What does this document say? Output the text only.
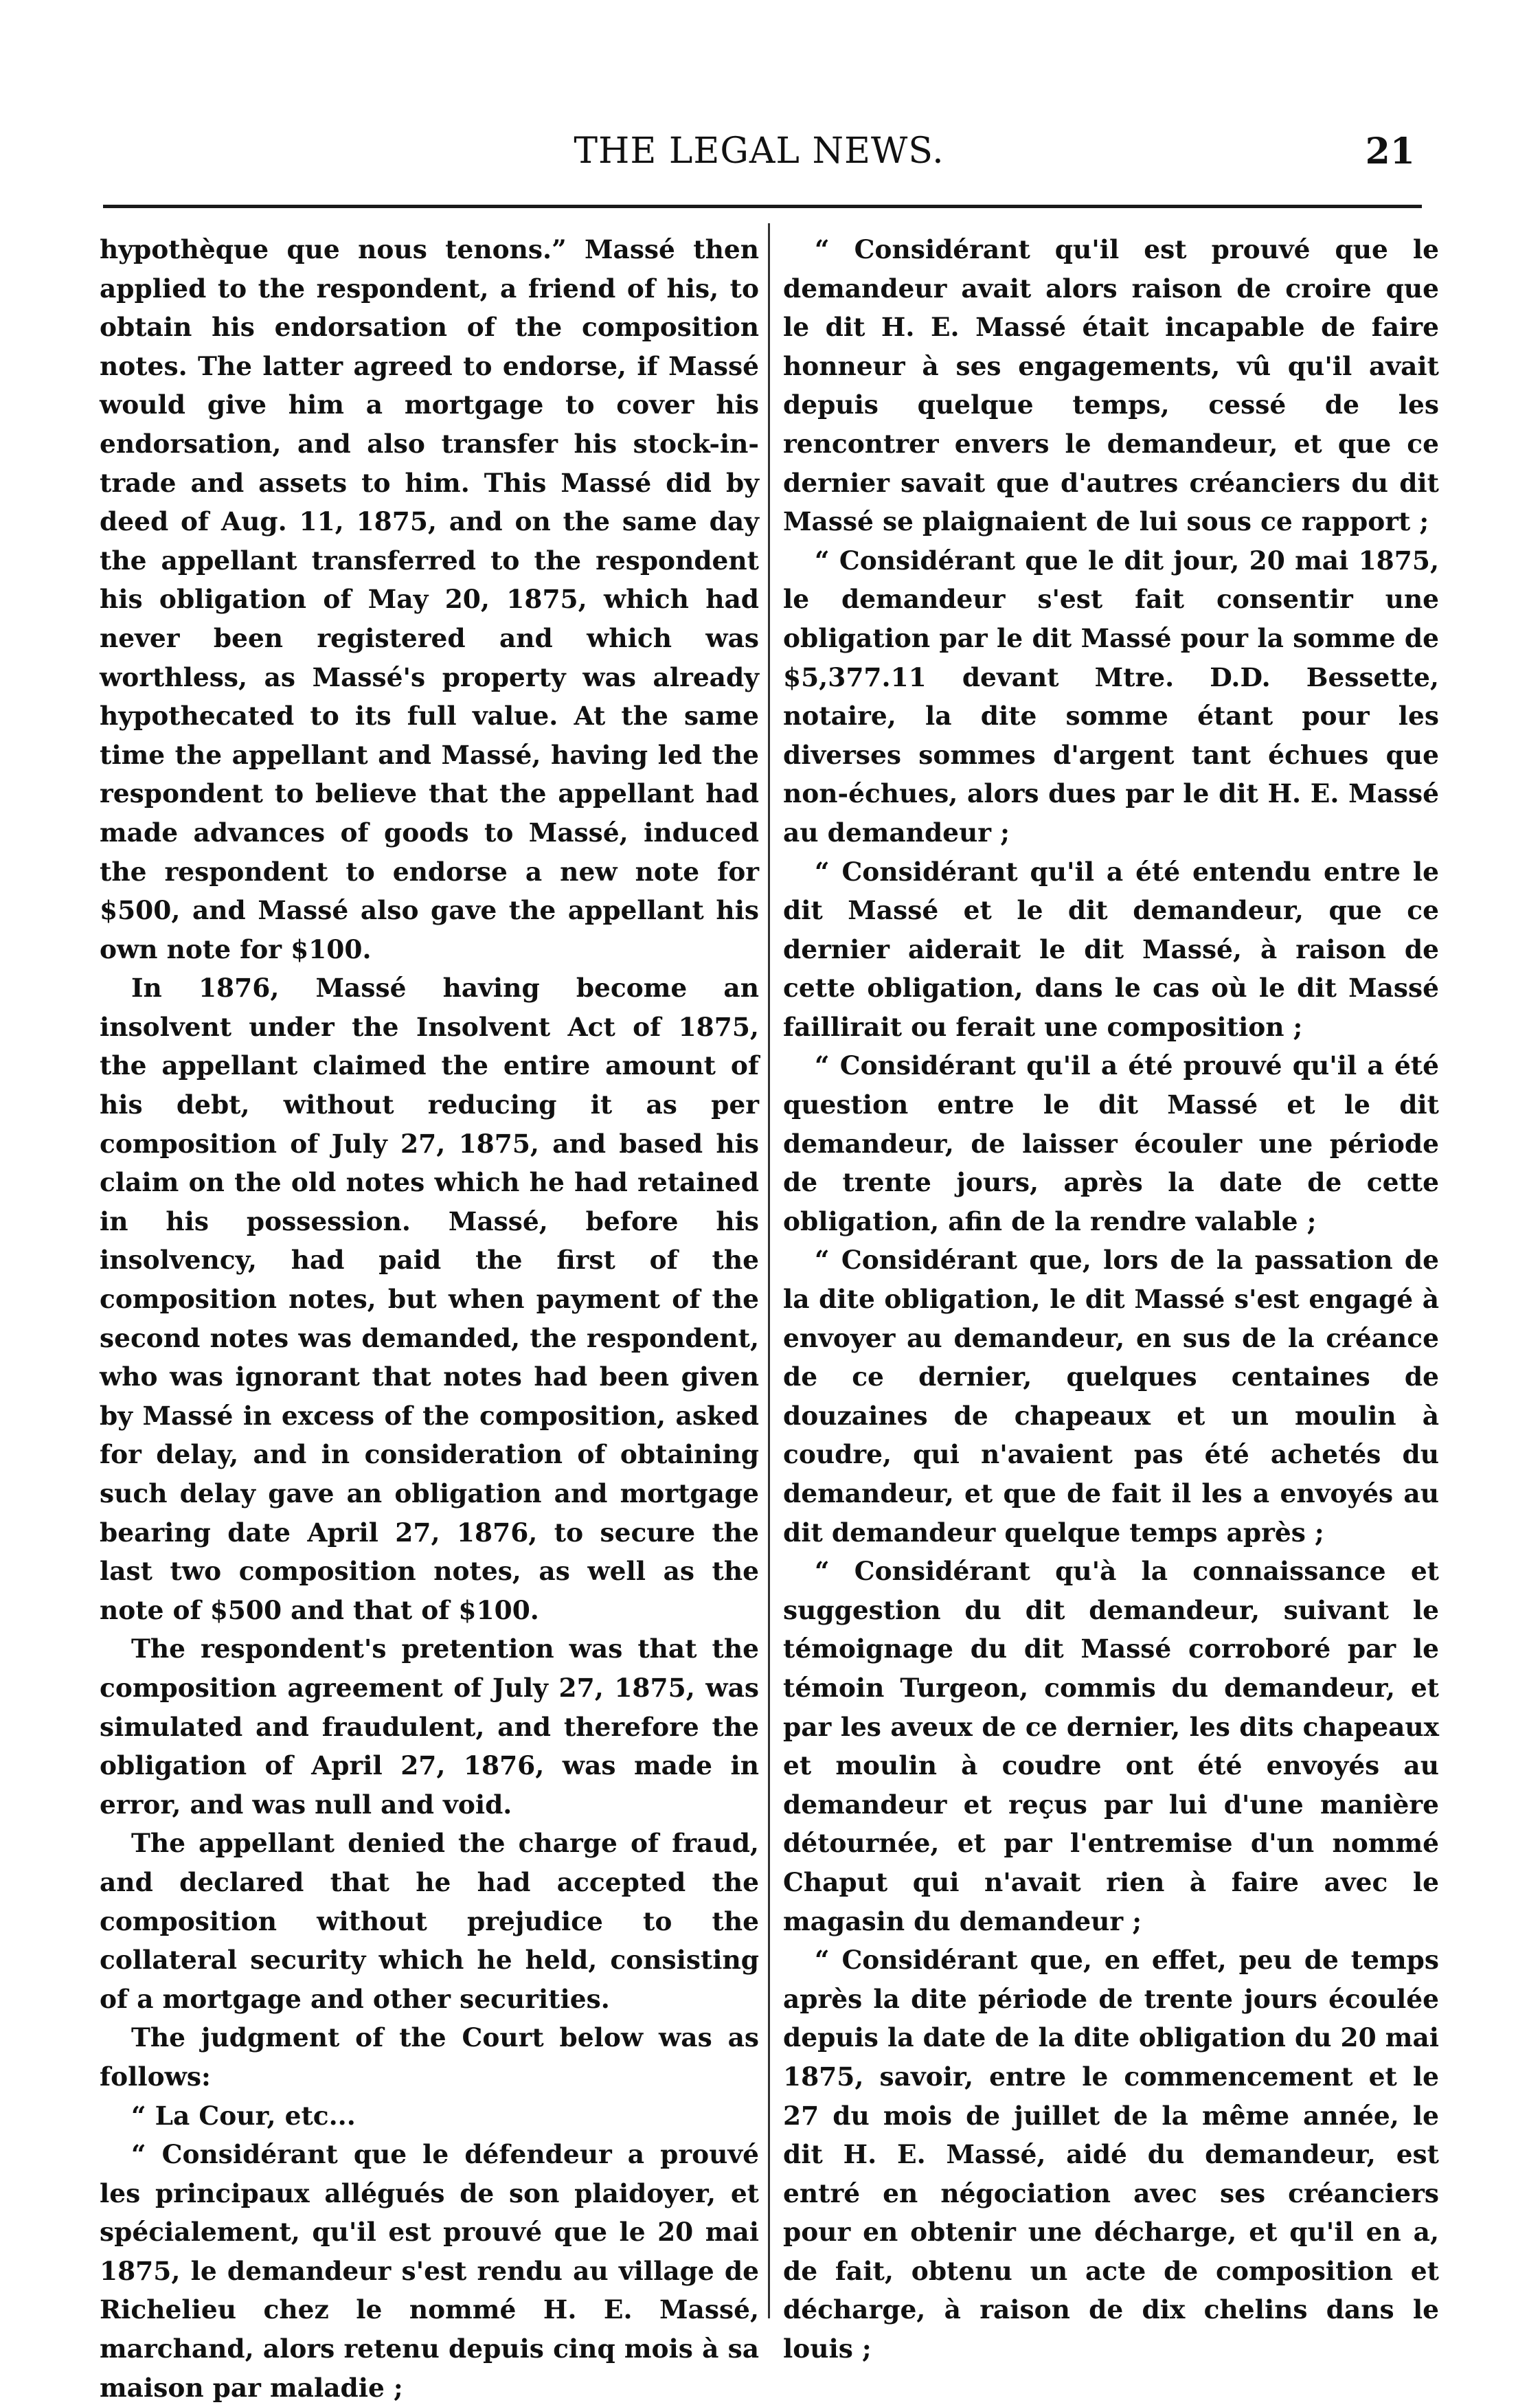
THE LEGAL NEWS.	21

hypothèque que nous tenons.” Massé then applied to the respondent, a friend of his, to obtain his endorsation of the composition notes. The latter agreed to endorse, if Massé would give him a mortgage to cover his endorsation, and also transfer his stock-in-trade and assets to him. This Massé did by deed of Aug. 11, 1875, and on the same day the appellant transferred to the respondent his obligation of May 20, 1875, which had never been registered and which was worthless, as Massé's property was already hypothecated to its full value. At the same time the appellant and Massé, having led the respondent to believe that the appellant had made advances of goods to Massé, induced the respondent to endorse a new note for $500, and Massé also gave the appellant his own note for $100.

In 1876, Massé having become an insolvent under the Insolvent Act of 1875, the appellant claimed the entire amount of his debt, without reducing it as per composition of July 27, 1875, and based his claim on the old notes which he had retained in his possession. Massé, before his insolvency, had paid the first of the composition notes, but when payment of the second notes was demanded, the respondent, who was ignorant that notes had been given by Massé in excess of the composition, asked for delay, and in consideration of obtaining such delay gave an obligation and mortgage bearing date April 27, 1876, to secure the last two composition notes, as well as the note of $500 and that of $100.

The respondent's pretention was that the composition agreement of July 27, 1875, was simulated and fraudulent, and therefore the obligation of April 27, 1876, was made in error, and was null and void.

The appellant denied the charge of fraud, and declared that he had accepted the composition without prejudice to the collateral security which he held, consisting of a mortgage and other securities.

The judgment of the Court below was as follows:

“ La Cour, etc...

“ Considérant que le défendeur a prouvé les principaux allégués de son plaidoyer, et spécialement, qu'il est prouvé que le 20 mai 1875, le demandeur s'est rendu au village de Richelieu chez le nommé H. E. Massé, marchand, alors retenu depuis cinq mois à sa maison par maladie ;

“ Considérant qu'il est prouvé que le demandeur avait alors raison de croire que le dit H. E. Massé était incapable de faire honneur à ses engagements, vû qu'il avait depuis quelque temps, cessé de les rencontrer envers le demandeur, et que ce dernier savait que d'autres créanciers du dit Massé se plaignaient de lui sous ce rapport ;

“ Considérant que le dit jour, 20 mai 1875, le demandeur s'est fait consentir une obligation par le dit Massé pour la somme de $5,377.11 devant Mtre. D.D. Bessette, notaire, la dite somme étant pour les diverses sommes d'argent tant échues que non-échues, alors dues par le dit H. E. Massé au demandeur ;

“ Considérant qu'il a été entendu entre le dit Massé et le dit demandeur, que ce dernier aiderait le dit Massé, à raison de cette obligation, dans le cas où le dit Massé faillirait ou ferait une composition ;

“ Considérant qu'il a été prouvé qu'il a été question entre le dit Massé et le dit demandeur, de laisser écouler une période de trente jours, après la date de cette obligation, afin de la rendre valable ;

“ Considérant que, lors de la passation de la dite obligation, le dit Massé s'est engagé à envoyer au demandeur, en sus de la créance de ce dernier, quelques centaines de douzaines de chapeaux et un moulin à coudre, qui n'avaient pas été achetés du demandeur, et que de fait il les a envoyés au dit demandeur quelque temps après ;

“ Considérant qu'à la connaissance et suggestion du dit demandeur, suivant le témoignage du dit Massé corroboré par le témoin Turgeon, commis du demandeur, et par les aveux de ce dernier, les dits chapeaux et moulin à coudre ont été envoyés au demandeur et reçus par lui d'une manière détournée, et par l'entremise d'un nommé Chaput qui n'avait rien à faire avec le magasin du demandeur ;

“ Considérant que, en effet, peu de temps après la dite période de trente jours écoulée depuis la date de la dite obligation du 20 mai 1875, savoir, entre le commencement et le 27 du mois de juillet de la même année, le dit H. E. Massé, aidé du demandeur, est entré en négociation avec ses créanciers pour en obtenir une décharge, et qu'il en a, de fait, obtenu un acte de composition et décharge, à raison de dix chelins dans le louis ;
